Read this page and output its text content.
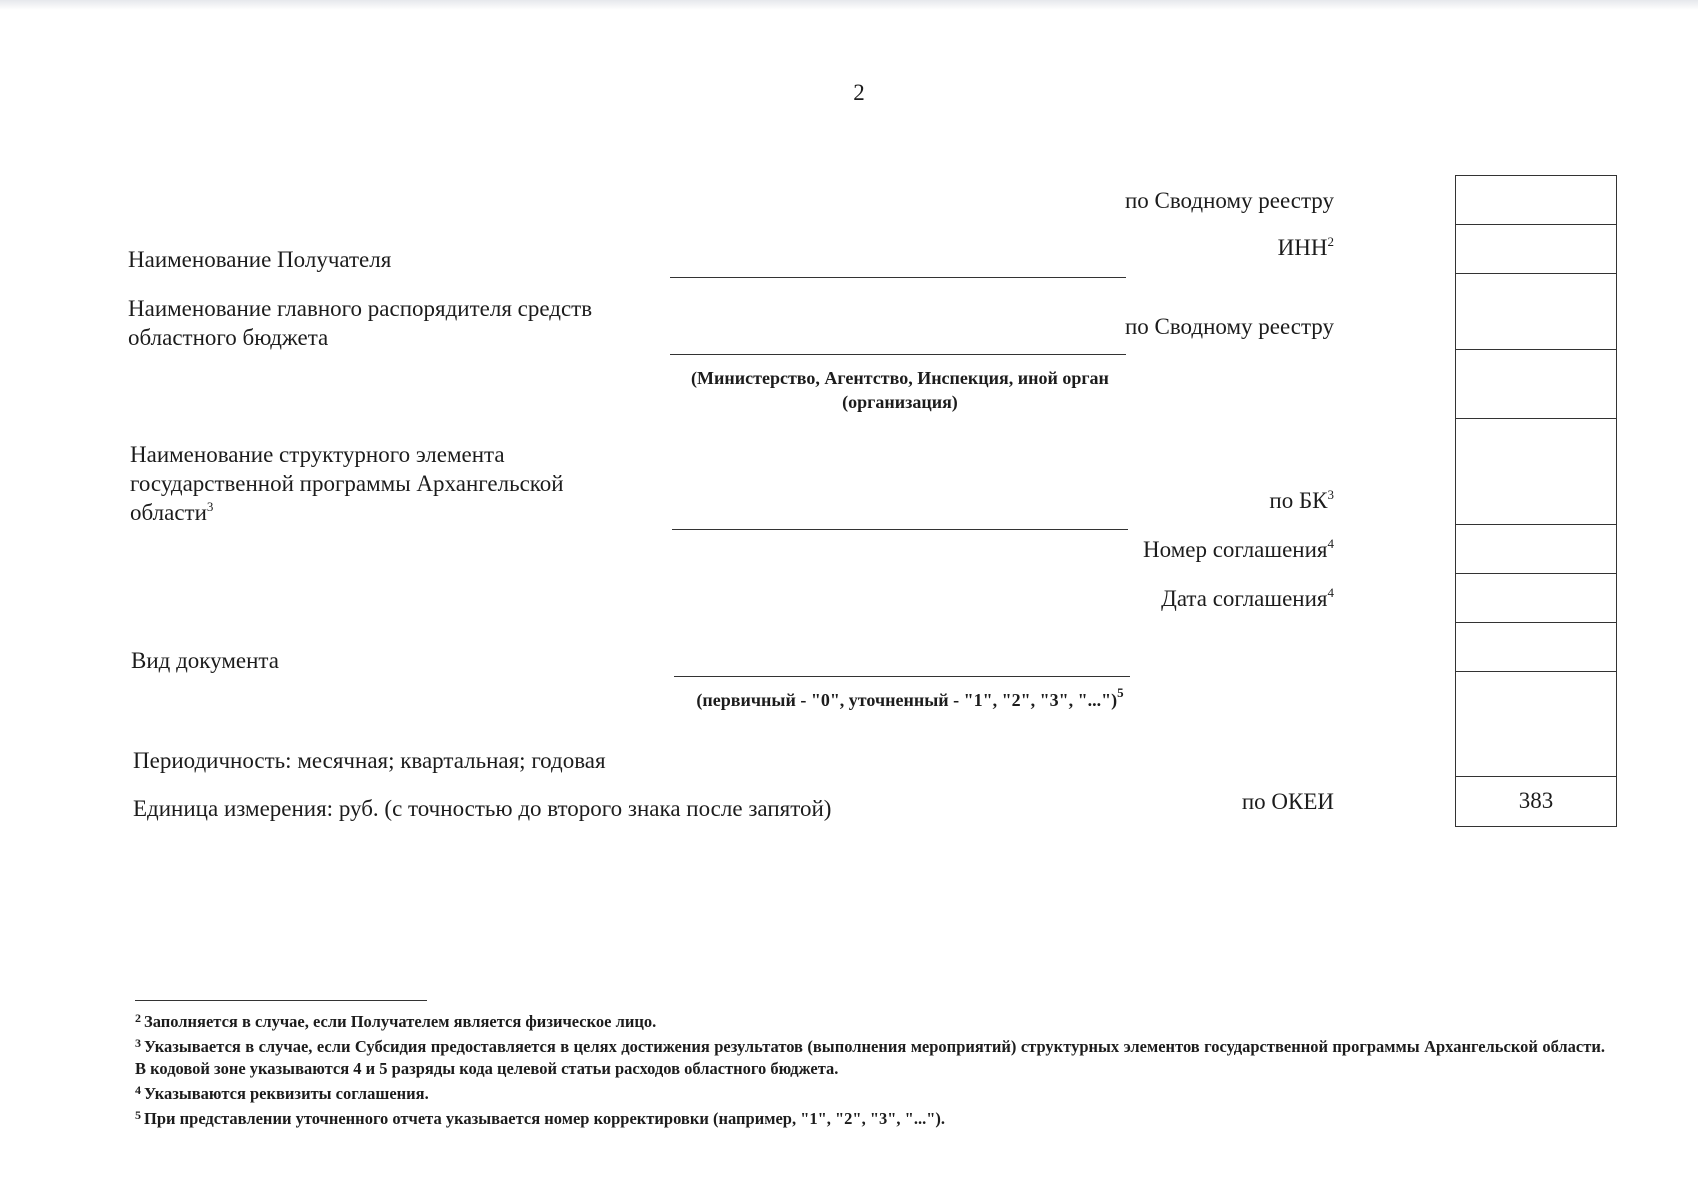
2
Наименование Получателя
Наименование главного распорядителя средств областного бюджета
Наименование структурного элемента государственной программы Архангельской области$^3$
Вид документа
Периодичность: месячная; квартальная; годовая
Единица измерения: руб. (с точностью до второго знака после запятой)
(Министерство, Агентство, Инспекция, иной орган (организация)
(первичный - "0", уточненный - "1", "2", "3", "...")$^5$
по Сводному реестру
ИНН$^2$
по Сводному реестру
по $БК^3$
Номер соглашения$^4$
Дата соглашения$^4$
по ОКЕИ	383

$^2$ Заполняется в случае, если Получателем является физическое лицо.

$^3$ Указывается в случае, если Субсидия предоставляется в целях достижения результатов (выполнения мероприятий) структурных элементов государственной программы Архангельской области. В кодовой зоне указываются 4 и 5 разряды кода целевой статьи расходов областного бюджета.

$^4$ Указываются реквизиты соглашения.

$^5$ При представлении уточненного отчета указывается номер корректировки (например, "1", "2", "3", "...").
